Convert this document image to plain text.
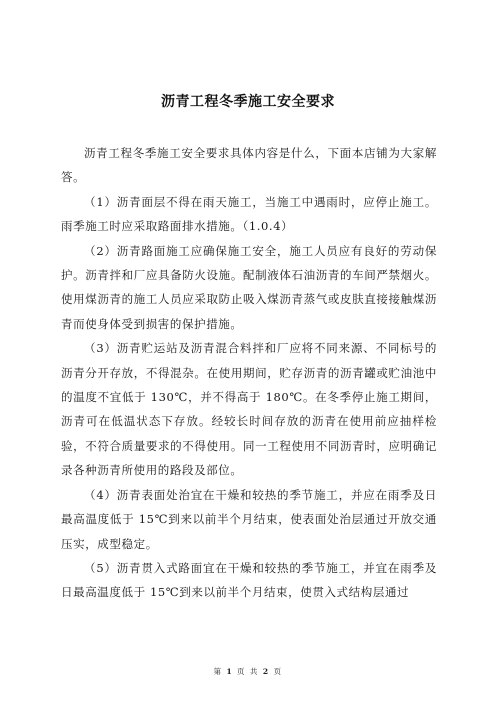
沥青工程冬季施工安全要求

沥青工程冬季施工安全要求具体内容是什么，下面本店铺为大家解答。

（1）沥青面层不得在雨天施工，当施工中遇雨时，应停止施工。雨季施工时应采取路面排水措施。（1.0.4）

（2）沥青路面施工应确保施工安全，施工人员应有良好的劳动保护。沥青拌和厂应具备防火设施。配制液体石油沥青的车间严禁烟火。使用煤沥青的施工人员应采取防止吸入煤沥青蒸气或皮肤直接接触煤沥青而使身体受到损害的保护措施。

（3）沥青贮运站及沥青混合料拌和厂应将不同来源、不同标号的沥青分开存放，不得混杂。在使用期间，贮存沥青的沥青罐或贮油池中的温度不宜低于 130℃，并不得高于 180℃。在冬季停止施工期间，沥青可在低温状态下存放。经较长时间存放的沥青在使用前应抽样检验，不符合质量要求的不得使用。同一工程使用不同沥青时，应明确记录各种沥青所使用的路段及部位。

（4）沥青表面处治宜在干燥和较热的季节施工，并应在雨季及日最高温度低于 15℃到来以前半个月结束，使表面处治层通过开放交通压实，成型稳定。

（5）沥青贯入式路面宜在干燥和较热的季节施工，并宜在雨季及日最高温度低于 15℃到来以前半个月结束，使贯入式结构层通过

第 1 页 共 2 页
